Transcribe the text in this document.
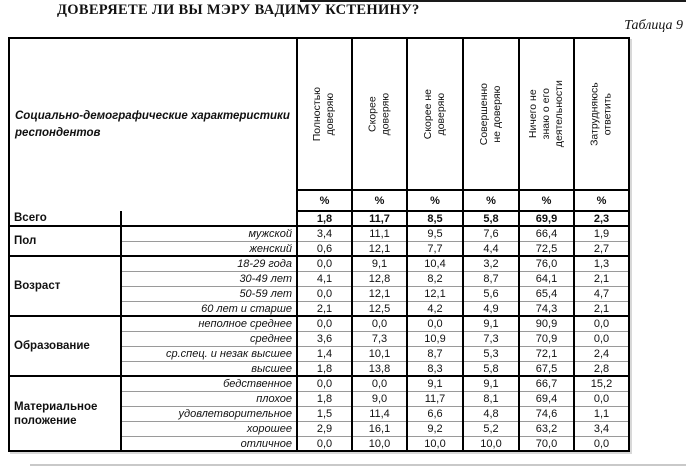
ДОВЕРЯЕТЕ ЛИ ВЫ МЭРУ ВАДИМУ КСТЕНИНУ?
Таблица 9
Социально-демографические характеристики респондентов		Полностью доверяю	Скорее доверяю	Скорее не доверяю	Совершенно не доверяю	Ничего не знаю о его деятельности	Затрудняюсь ответить

		%	%	%	%	%	%
Всего		1,8	11,7	8,5	5,8	69,9	2,3
Пол	мужской	3,4	11,1	9,5	7,6	66,4	1,9
	женский	0,6	12,1	7,7	4,4	72,5	2,7
Возраст	18-29 года	0,0	9,1	10,4	3,2	76,0	1,3
	30-49 лет	4,1	12,8	8,2	8,7	64,1	2,1
	50-59 лет	0,0	12,1	12,1	5,6	65,4	4,7
	60 лет и старше	2,1	12,5	4,2	4,9	74,3	2,1
Образование	неполное среднее	0,0	0,0	0,0	9,1	90,9	0,0
	среднее	3,6	7,3	10,9	7,3	70,9	0,0
	ср.спец. и незак высшее	1,4	10,1	8,7	5,3	72,1	2,4
	высшее	1,8	13,8	8,3	5,8	67,5	2,8
Материальное положение	бедственное	0,0	0,0	9,1	9,1	66,7	15,2
	плохое	1,8	9,0	11,7	8,1	69,4	0,0
	удовлетворительное	1,5	11,4	6,6	4,8	74,6	1,1
	хорошее	2,9	16,1	9,2	5,2	63,2	3,4
	отличное	0,0	10,0	10,0	10,0	70,0	0,0
